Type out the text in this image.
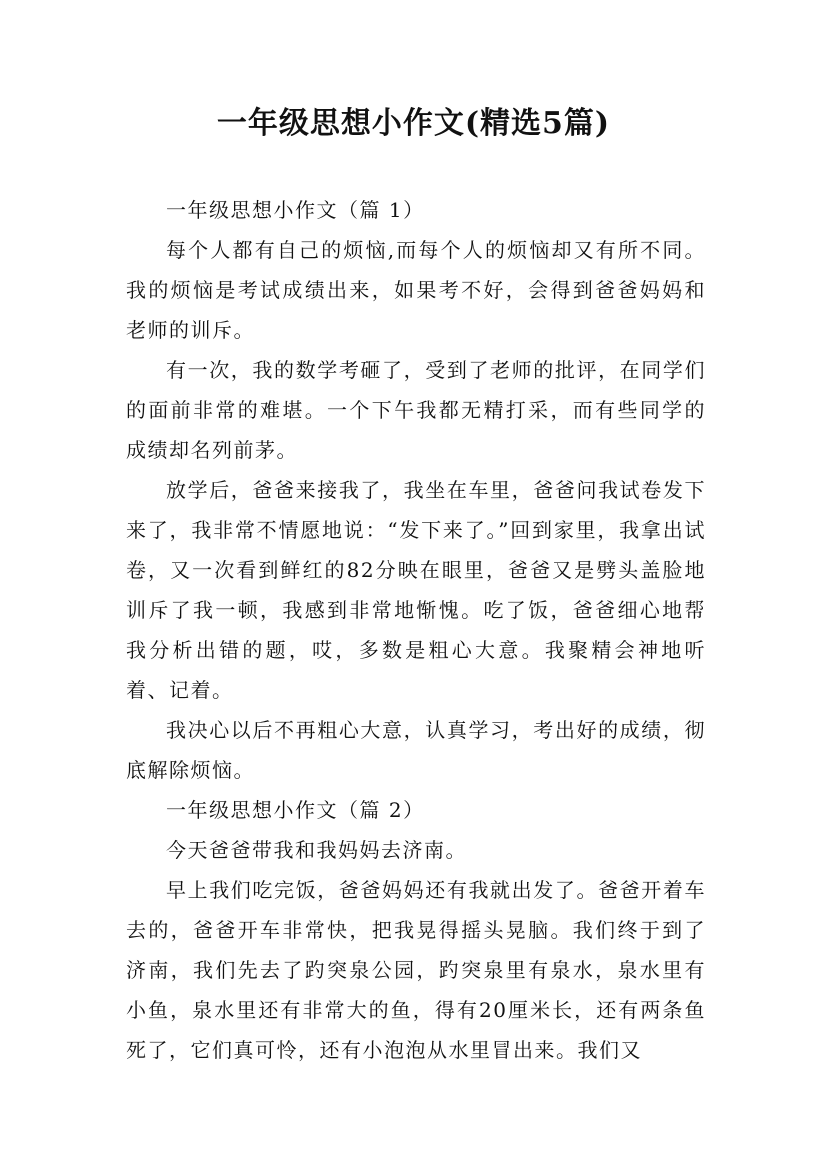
一年级思想小作文(精选5篇)

一年级思想小作文（篇 1）

每个人都有自己的烦恼,而每个人的烦恼却又有所不同。我的烦恼是考试成绩出来，如果考不好，会得到爸爸妈妈和老师的训斥。

有一次，我的数学考砸了，受到了老师的批评，在同学们的面前非常的难堪。一个下午我都无精打采，而有些同学的成绩却名列前茅。

放学后，爸爸来接我了，我坐在车里，爸爸问我试卷发下来了，我非常不情愿地说：“发下来了。”回到家里，我拿出试卷，又一次看到鲜红的82分映在眼里，爸爸又是劈头盖脸地训斥了我一顿，我感到非常地惭愧。吃了饭，爸爸细心地帮我分析出错的题，哎，多数是粗心大意。我聚精会神地听着、记着。

我决心以后不再粗心大意，认真学习，考出好的成绩，彻底解除烦恼。

一年级思想小作文（篇 2）

今天爸爸带我和我妈妈去济南。

早上我们吃完饭，爸爸妈妈还有我就出发了。爸爸开着车去的，爸爸开车非常快，把我晃得摇头晃脑。我们终于到了济南，我们先去了趵突泉公园，趵突泉里有泉水，泉水里有小鱼，泉水里还有非常大的鱼，得有20厘米长，还有两条鱼死了，它们真可怜，还有小泡泡从水里冒出来。我们又
